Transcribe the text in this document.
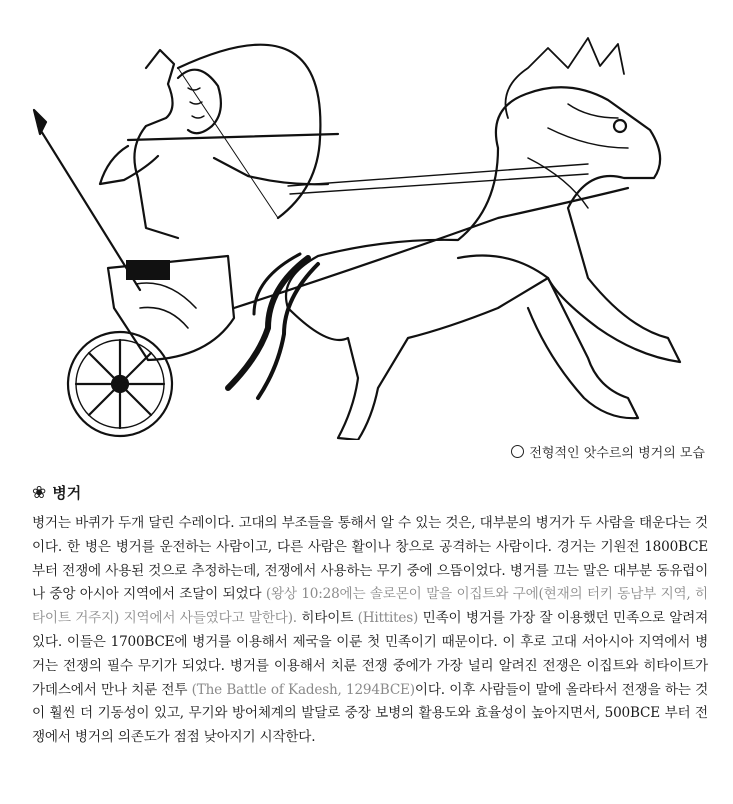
전형적인 앗수르의 병거의 모습
❀ 병거
병거는 바퀴가 두개 달린 수레이다. 고대의 부조들을 통해서 알 수 있는 것은, 대부분의 병거가 두 사람을 태운다는 것이다. 한 병은 병거를 운전하는 사람이고, 다른 사람은 활이나 창으로 공격하는 사람이다. 경거는 기원전 1800BCE부터 전쟁에 사용된 것으로 추정하는데, 전쟁에서 사용하는 무기 중에 으뜸이었다. 병거를 끄는 말은 대부분 동유럽이나 중앙 아시아 지역에서 조달이 되었다 (왕상 10:28에는 솔로몬이 말을 이집트와 구에(현재의 터키 동남부 지역, 히타이트 거주지) 지역에서 사들였다고 말한다). 히타이트 (Hittites) 민족이 병거를 가장 잘 이용했던 민족으로 알려져있다. 이들은 1700BCE에 병거를 이용해서 제국을 이룬 첫 민족이기 때문이다. 이 후로 고대 서아시아 지역에서 병거는 전쟁의 필수 무기가 되었다. 병거를 이용해서 치룬 전쟁 중에가 가장 널리 알려진 전쟁은 이집트와 히타이트가 가데스에서 만나 치룬 전투 (The Battle of Kadesh, 1294BCE)이다. 이후 사람들이 말에 올라타서 전쟁을 하는 것이 훨씬 더 기동성이 있고, 무기와 방어체계의 발달로 중장 보병의 활용도와 효율성이 높아지면서, 500BCE 부터 전쟁에서 병거의 의존도가 점점 낮아지기 시작한다.
